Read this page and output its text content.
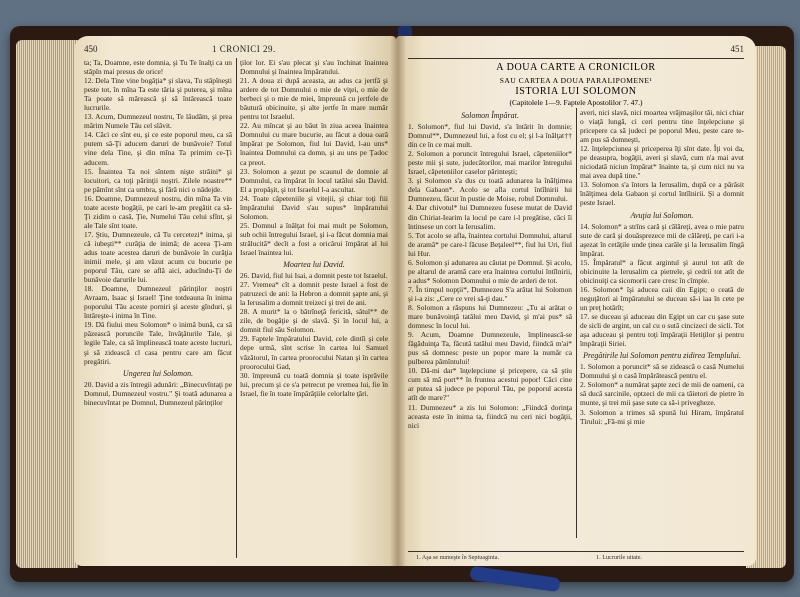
450	1 CRONICI 29.

ta; Ta, Doamne, este domnia, şi Tu Te înalţi ca un stăpîn mai presus de orice!

12. Dela Tine vine bogăţia* şi slava, Tu stăpîneşti peste tot, în mîna Ta este tăria şi puterea, şi mîna Ta poate să mărească şi să întărească toate lucrurile.

13. Acum, Dumnezeul nostru, Te lăudăm, şi prea mărim Numele Tău cel slăvit.

14. Căci ce sînt eu, şi ce este poporul meu, ca să putem să-Ţi aducem daruri de bunăvoie? Totul vine dela Tine, şi din mîna Ta primim ce-Ţi aducem.

15. Înaintea Ta noi sîntem nişte străini* şi locuitori, ca toţi părinţii noştri. Zilele noastre** pe pămînt sînt ca umbra, şi fără nici o nădejde.

16. Doamne, Dumnezeul nostru, din mîna Ta vin toate aceste bogăţii, pe cari le-am pregătit ca să-Ţi zidim o casă, Ţie, Numelui Tău celui sfînt, şi ale Tale sînt toate.

17. Ştiu, Dumnezeule, că Tu cercetezi* inima, şi că iubeşti** curăţia de inimă; de aceea Ţi-am adus toate acestea daruri de bunăvoie în curăţia inimii mele, şi am văzut acum cu bucurie pe poporul Tău, care se află aici, aducîndu-Ţi de bunăvoie darurile lui.

18. Doamne, Dumnezeul părinţilor noştri Avraam, Isaac şi Israel! Ţine totdeauna în inima poporului Tău aceste porniri şi aceste gînduri, şi întăreşte-i inima în Tine.

19. Dă fiului meu Solomon* o inimă bună, ca să păzească poruncile Tale, învăţăturile Tale, şi legile Tale, ca să împlinească toate aceste lucruri, şi să zidească cl casa pentru care am făcut pregătiri.

Ungerea lui Solomon.

20. David a zis întregii adunări: „Binecuvîntaţi pe Domnul, Dumnezeul vostru." Şi toată adunarea a binecuvîntat pe Domnul, Dumnezeul părinţilor

ţilor lor. Ei s'au plecat şi s'au închinat înaintea Domnului şi înaintea împăratului.

21. A doua zi după aceasta, au adus ca jertfă şi ardere de tot Domnului o mie de viţei, o mie de berbeci şi o mie de miei, împreună cu jertfele de băutură obicinuite, şi alte jertfe în mare număr pentru tot Israelul.

22. Au mîncat şi au băut în ziua aceea înaintea Domnului cu mare bucurie, au făcut a doua oară împărat pe Solomon, fiul lui David, l-au uns* înaintea Domnului ca domn, şi au uns pe Ţadoc ca preot.

23. Solomon a şezut pe scaunul de domnie al Domnului, ca împărat în locul tatălui său David. El a propăşit, şi tot Israelul l-a ascultat.

24. Toate căpeteniile şi vitejii, şi chiar toţi fiii împăratului David s'au supus* împăratului Solomon.

25. Domnul a înălţat foi mai mult pe Solomon, sub ochii întregului Israel, şi i-a făcut domnia mai strălucită* decît a fost a oricărui împărat al lui Israel înaintea lui.

Moartea lui David.

26. David, fiul lui Isai, a domnit peste tot Israelul.

27. Vremea* cît a domnit peste Israel a fost de patruzeci de ani: la Hebron a domnit şapte ani, şi la Ierusalim a domnit treizeci şi trei de ani.

28. A murit* la o bătrîneţă fericită, sătul** de zile, de bogăţie şi de slavă. Şi în locul lui, a domnit fiul său Solomon.

29. Faptele împăratului David, cele dintîi şi cele depe urmă, sînt scrise în cartea lui Samuel văzătorul, în cartea proorocului Natan şi în cartea proorocului Gad,

30. împreună cu toată domnia şi toate isprăvile lui, precum şi ce s'a petrecut pe vremea lui, fie în Israel, fie în toate împărăţiile celorlalte ţări.

451
A DOUA CARTE A CRONICILOR
SAU CARTEA A DOUA PARALIPOMENE¹
ISTORIA LUI SOLOMON
(Capitolele 1—9. Faptele Apostolilor 7. 47.)

Solomon Împărat.

1. Solomon*, fiul lui David, s'a întărit în domnie; Domnul**, Dumnezeul lui, a fost cu el; şi l-a înălţat†† din ce în ce mai mult.

2. Solomon a poruncit întregului Israel, căpeteniilor* peste mii şi sute, judecătorilor, mai marilor întregului Israel, căpeteniilor caselor părinteşti;

3. şi Solomon s'a dus cu toată adunarea la înălţimea dela Gabaon*. Acolo se afla cortul întîlnirii lui Dumnezeu, făcut în pustie de Moise, robul Domnului.

4. Dar chivotul* lui Dumnezeu fusese mutat de David din Chiriat-Iearim la locul pe care i-l pregătise, căci îi întinsese un cort la Ierusalim.

5. Tot acolo se afla, înaintea cortului Domnului, altarul de aramă* pe care-l făcuse Beţaleel**, fiul lui Uri, fiul lui Hur.

6. Solomon şi adunarea au căutat pe Domnul. Şi acolo, pe altarul de aramă care era înaintea cortului întîlnirii, a adus* Solomon Domnului o mie de arderi de tot.

7. În timpul nopţii*, Dumnezeu S'a arătat lui Solomon şi i-a zis: „Cere ce vrei să-ţi dau."

8. Solomon a răspuns lui Dumnezeu: „Tu ai arătat o mare bunăvoinţă tatălui meu David, şi m'ai pus* să domnesc în locul lui.

9. Acum, Doamne Dumnezeule, împlinească-se făgăduinţa Ta, făcută tatălui meu David, fiindcă m'ai* pus să domnesc peste un popor mare la număr ca pulberea pămîntului!

10. Dă-mi dar* înţelepciune şi pricepere, ca să ştiu cum să mă port** în fruntea acestui popor! Căci cine ar putea să judece pe poporul Tău, pe poporul acesta atît de mare?"

11. Dumnezeu* a zis lui Solomon: „Fiindcă dorinţa aceasta este în inima ta, fiindcă nu ceri nici bogăţii, nici

averi, nici slavă, nici moartea vrăjmaşilor tăi, nici chiar o viaţă lungă, ci ceri pentru tine înţelepciune şi pricepere ca să judeci pe poporul Meu, peste care te-am pus să domneşti,

12. înţelepciunea şi priceperea îţi sînt date. Îţi voi da, pe deasupra, bogăţii, averi şi slavă, cum n'a mai avut niciodată niciun împărat* înainte ta, şi cum nici nu va mai avea după tine."

13. Solomon s'a întors la Ierusalim, după ce a părăsit înălţimea dela Gabaon şi cortul întîlnirii. Şi a domnit peste Israel.

Avuţia lui Solomon.

14. Solomon* a strîns cară şi călăreţi, avea o mie patru sute de cară şi douăsprezece mii de călăreţi, pe cari i-a aşezat în cetăţile unde ţinea carăle şi la Ierusalim lîngă împărat.

15. Împăratul* a făcut argintul şi aurul tot atît de obicinuite la Ierusalim ca pietrele, şi cedrii tot atît de obicinuiţi ca sicomorii care cresc în cîmpie.

16. Solomon* îşi aducea caii din Egipt; o ceată de neguţători ai împăratului se duceau să-i iaa în cete pe un preţ hotărît;

17. se duceau şi aduceau din Egipt un car cu şase sute de sicli de argint, un cal cu o sută cincizeci de sicli. Tot aşa aduceau şi pentru toţi împăraţii Hetiţilor şi pentru împăraţii Siriei.

Pregătirile lui Solomon pentru zidirea Templului.

1. Solomon a poruncit* să se zidească o casă Numelui Domnului şi o casă împărătească pentru el.

2. Solomon* a numărat şapte zeci de mii de oameni, ca să ducă sarcinile, optzeci de mii ca tăietori de pietre în munte, şi trei mii şase sute ca să-i privegheze.

3. Solomon a trimes să spună lui Hiram, împăratul Tirului: „Fă-mi şi mie

1. Aşa se numeşte în Septuaginta.	1. Lucrurile uitate.
